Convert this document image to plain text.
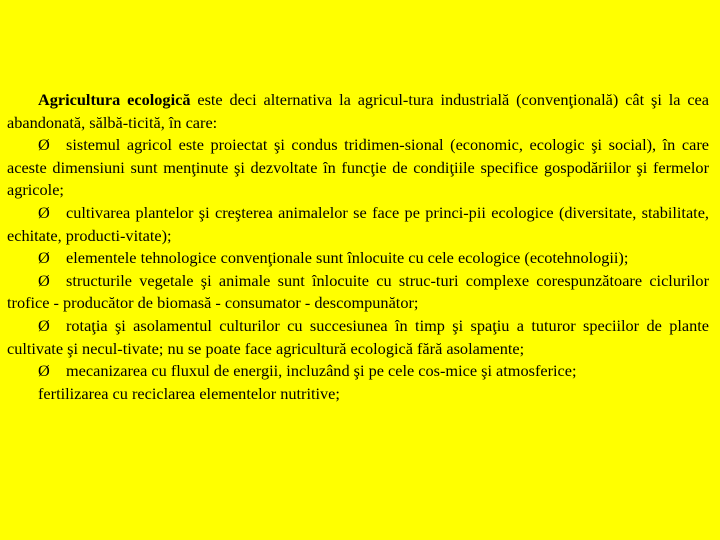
Agricultura ecologică este deci alternativa la agricul-tura industrială (convenţională) cât şi la cea abandonată, sălbă-ticită, în care:

Ø sistemul agricol este proiectat şi condus tridimen-sional (economic, ecologic şi social), în care aceste dimensiuni sunt menţinute şi dezvoltate în funcţie de condiţiile specifice gospodăriilor şi fermelor agricole;

Ø cultivarea plantelor şi creşterea animalelor se face pe princi-pii ecologice (diversitate, stabilitate, echitate, producti-vitate);

Ø elementele tehnologice convenţionale sunt înlocuite cu cele ecologice (ecotehnologii);

Ø structurile vegetale şi animale sunt înlocuite cu struc-turi complexe corespunzătoare ciclurilor trofice - producător de biomasă - consumator - descompunător;

Ø rotaţia şi asolamentul culturilor cu succesiunea în timp şi spaţiu a tuturor speciilor de plante cultivate şi necul-tivate; nu se poate face agricultură ecologică fără asolamente;

Ø mecanizarea cu fluxul de energii, incluzând şi pe cele cos-mice şi atmosferice;

fertilizarea cu reciclarea elementelor nutritive;
